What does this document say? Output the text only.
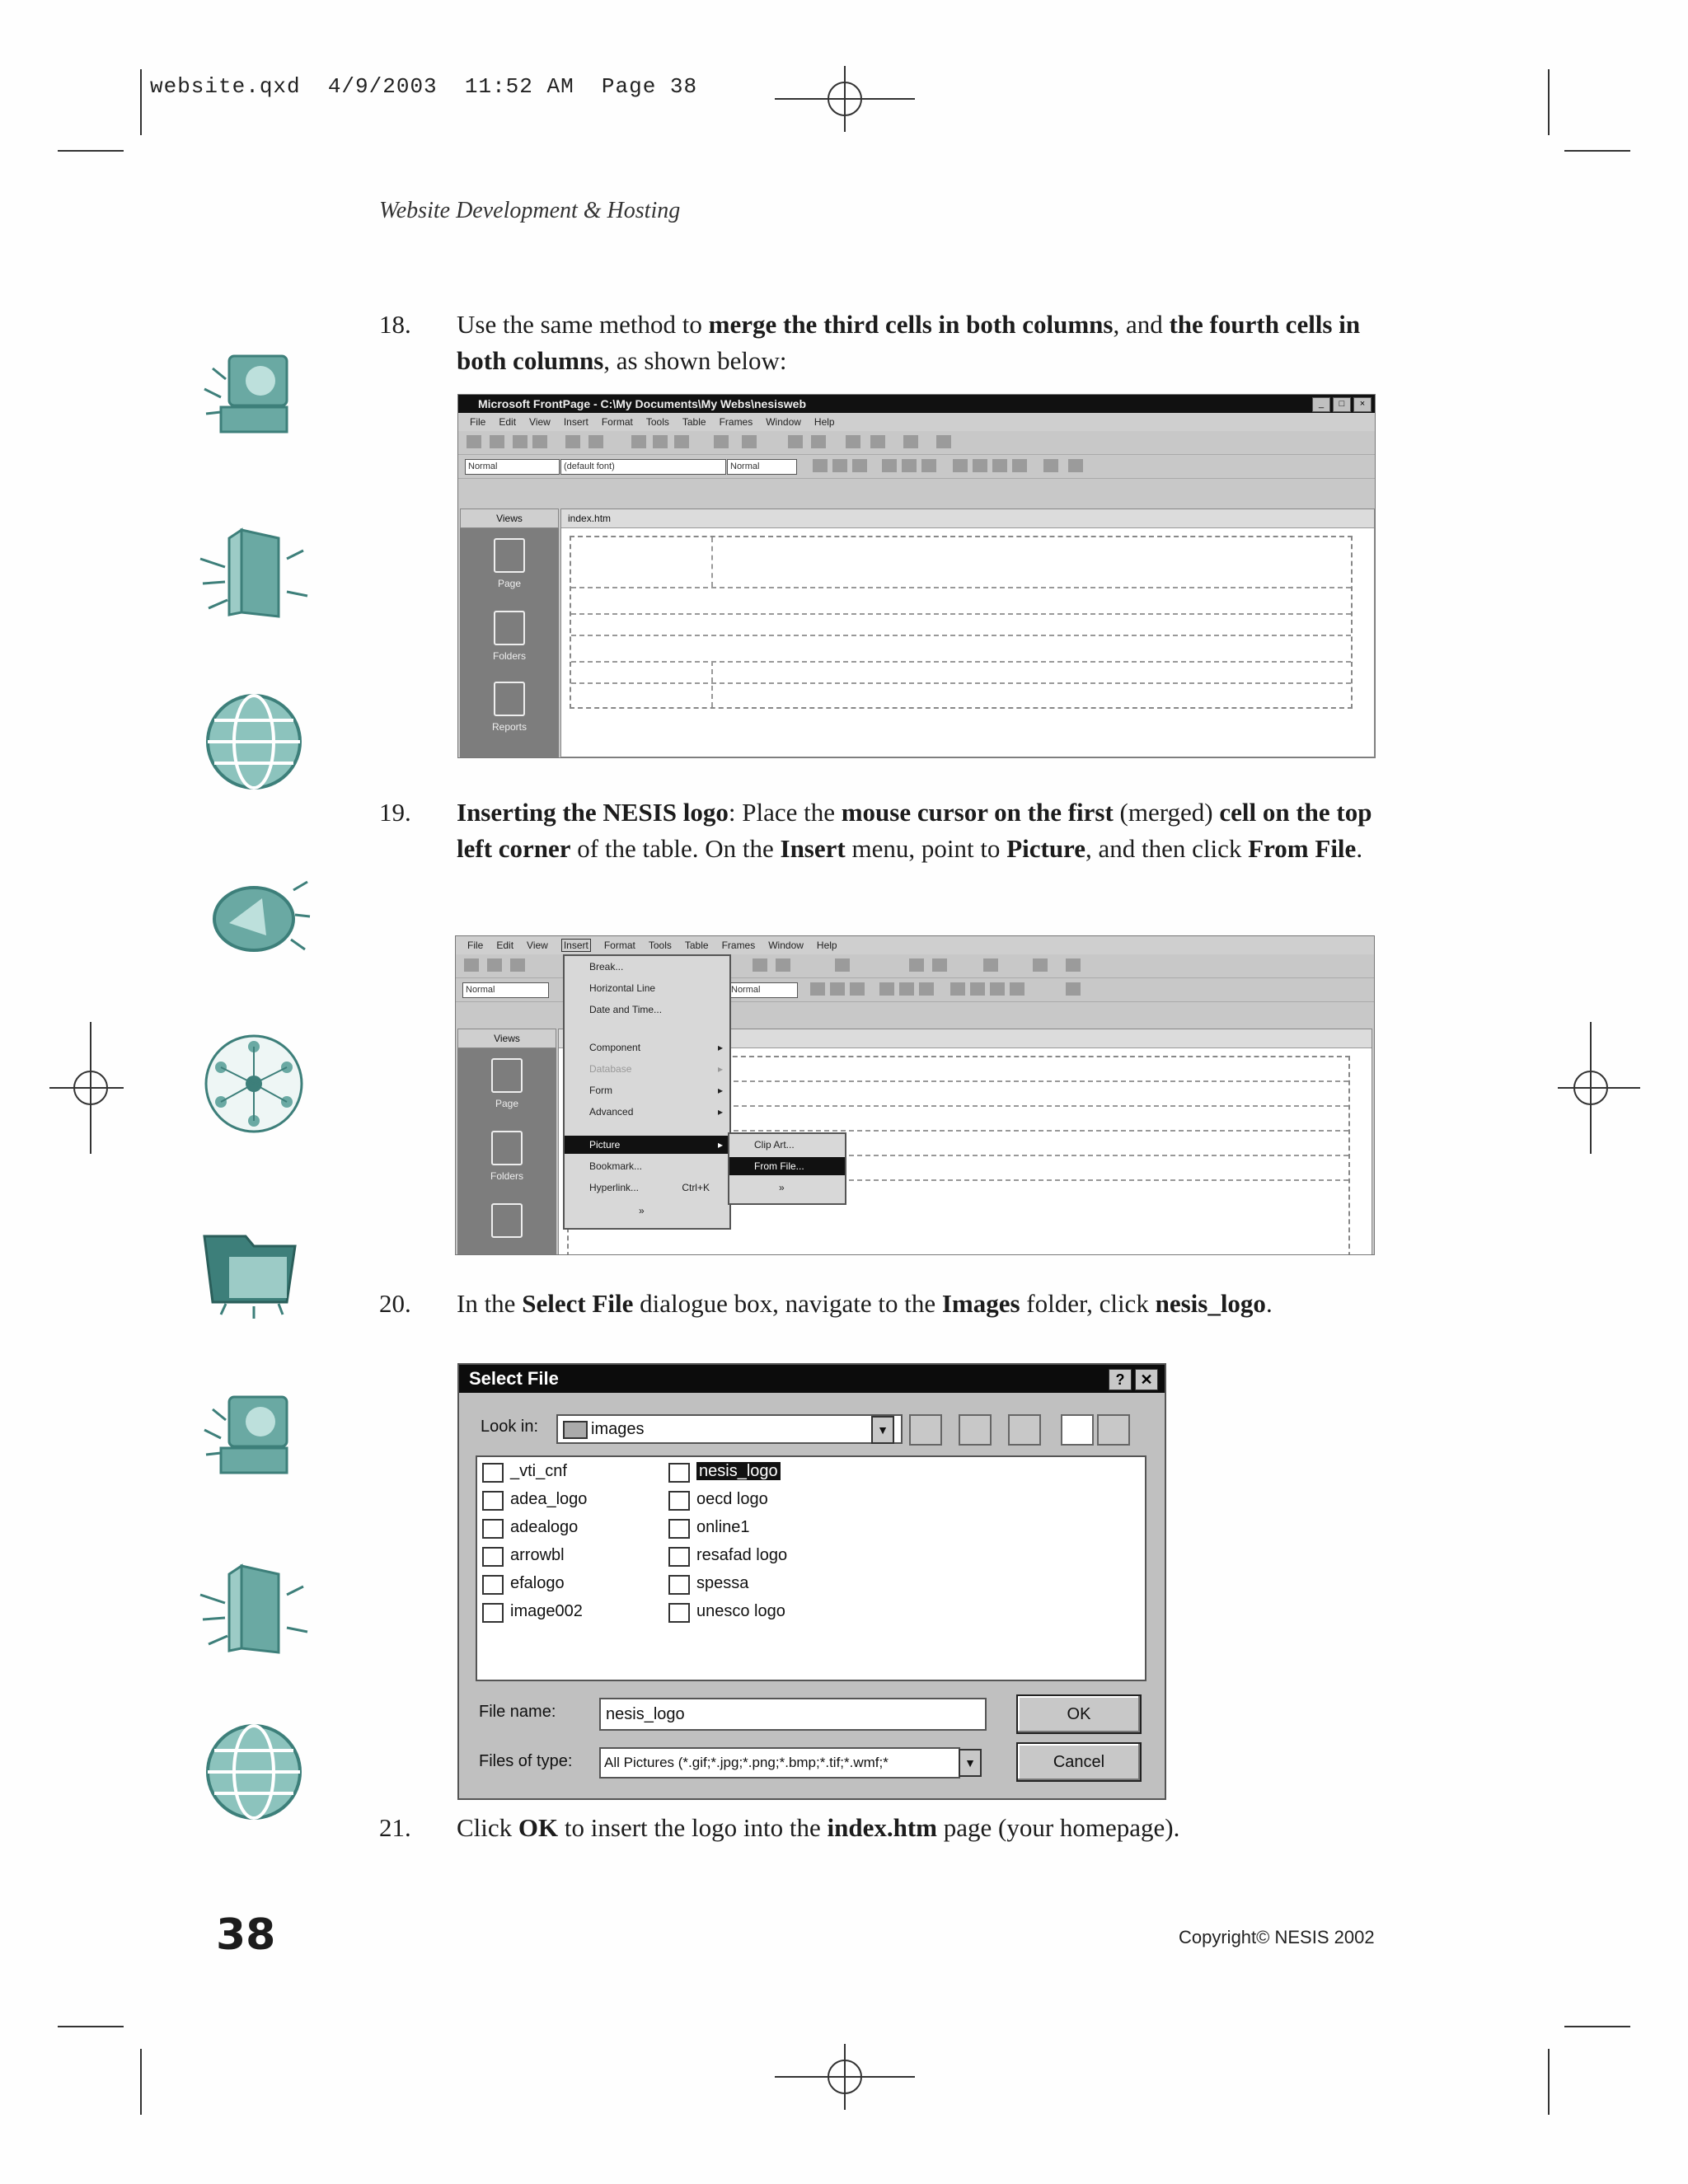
website.qxd  4/9/2003  11:52 AM  Page 38
Website Development & Hosting
18. Use the same method to merge the third cells in both columns, and the fourth cells in both columns, as shown below:
19. Inserting the NESIS logo: Place the mouse cursor on the first (merged) cell on the top left corner of the table. On the Insert menu, point to Picture, and then click From File.
20. In the Select File dialogue box, navigate to the Images folder, click nesis_logo.
21. Click OK to insert the logo into the index.htm page (your homepage).
Microsoft FrontPage - C:\My Documents\My Webs\nesisweb	_	□	×
File Edit View Insert Format Tools Table Frames Window Help
Normal	(default font)	Normal
Views
Page
Folders
Reports
index.htm
File Edit View Insert Format Tools Table Frames Window Help
Normal	Normal
Views
Page
Folders
Break...
Horizontal Line
Date and Time...
Component	▸
Database	▸
Form	▸
Advanced	▸
Picture	▸
Bookmark...
Hyperlink...	Ctrl+K
»
Clip Art...
From File...
»
Select File	?	✕
Look in:	images	▼
_vti_cnf
adea_logo
adealogo
arrowbl
efalogo
image002
nesis_logo
oecd logo
online1
resafad logo
spessa
unesco logo
File name:	nesis_logo
Files of type:	All Pictures (*.gif;*.jpg;*.png;*.bmp;*.tif;*.wmf;*	▼
OK
Cancel
38	Copyright© NESIS 2002
